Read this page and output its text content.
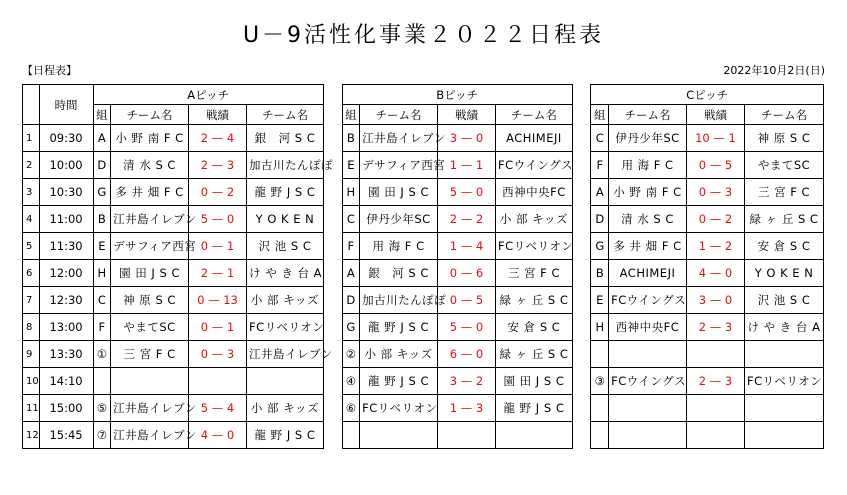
U－9活性化事業２０２２日程表
【日程表】	2022年10月2日(日)
	時間	Aピッチ					Bピッチ					Cピッチ			
		組	チーム名	戦績	チーム名		組	チーム名	戦績	チーム名		組	チーム名	戦績	チーム名
1	09:30	A	小 野 南 F C	2 — 4	銀　河 S C		B	江井島イレブン	3 — 0	ACHIMEJI		C	伊丹少年SC	10 — 1	神 原 S C
2	10:00	D	清 水 S C	2 — 3	加古川たんぽぽ		E	デサフィア西宮	1 — 1	FCウイングス		F	用 海 F C	0 — 5	やまてSC
3	10:30	G	多 井 畑 F C	0 — 2	龍 野 J S C		H	園 田 J S C	5 — 0	西神中央FC		A	小 野 南 F C	0 — 3	三 宮 F C
4	11:00	B	江井島イレブン	5 — 0	Y O K E N		C	伊丹少年SC	2 — 2	小 部 キッズ		D	清 水 S C	0 — 2	緑 ヶ 丘 S C
5	11:30	E	デサフィア西宮	0 — 1	沢 池 S C		F	用 海 F C	1 — 4	FCリベリオン		G	多 井 畑 F C	1 — 2	安 倉 S C
6	12:00	H	園 田 J S C	2 — 1	け や き 台 A		A	銀　河 S C	0 — 6	三 宮 F C		B	ACHIMEJI	4 — 0	Y O K E N
7	12:30	C	神 原 S C	0 — 13	小 部 キッズ		D	加古川たんぽぽ	0 — 5	緑 ヶ 丘 S C		E	FCウイングス	3 — 0	沢 池 S C
8	13:00	F	やまてSC	0 — 1	FCリベリオン		G	龍 野 J S C	5 — 0	安 倉 S C		H	西神中央FC	2 — 3	け や き 台 A
9	13:30	①	三 宮 F C	0 — 3	江井島イレブン		②	小 部 キッズ	6 — 0	緑 ヶ 丘 S C					
10	14:10						④	龍 野 J S C	3 — 2	園 田 J S C		③	FCウイングス	2 — 3	FCリベリオン
11	15:00	⑤	江井島イレブン	5 — 4	小 部 キッズ		⑥	FCリベリオン	1 — 3	龍 野 J S C					
12	15:45	⑦	江井島イレブン	4 — 0	龍 野 J S C										
